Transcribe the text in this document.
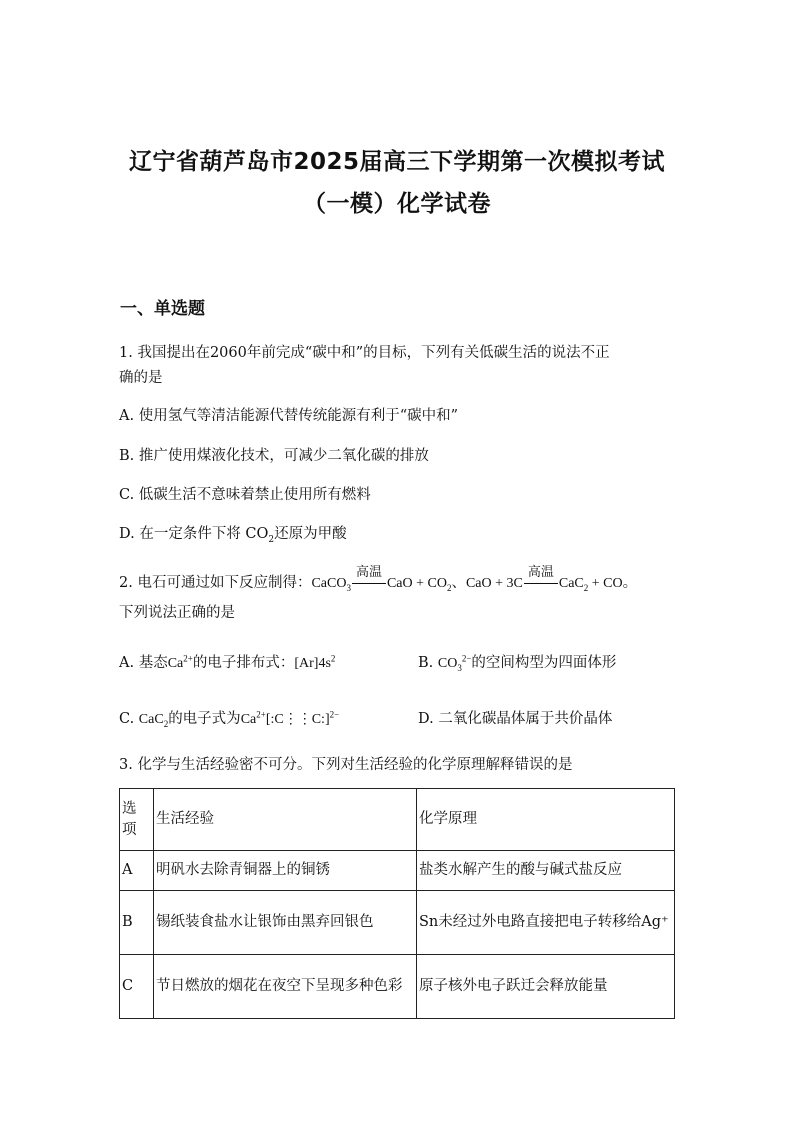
辽宁省葫芦岛市2025届高三下学期第一次模拟考试
（一模）化学试卷
一、单选题
1. 我国提出在2060年前完成“碳中和”的目标，下列有关低碳生活的说法不正
确的是
A. 使用氢气等清洁能源代替传统能源有利于“碳中和”
B. 推广使用煤液化技术，可减少二氧化碳的排放
C. 低碳生活不意味着禁止使用所有燃料
D. 在一定条件下将 $CO_2$还原为甲酸
2. 电石可通过如下反应制得：CaCO$_3$
高温
CaO + $CO_2$、CaO + 3C
高温
CaC$_2$ + CO。
下列说法正确的是
A. 基态$Ca^{2+}$的电子排布式：$[Ar]4s^2$	B. $CO_3^{2-}$的空间构型为四面体形
C. CaC$_2$的电子式为$Ca^{2+}[:C⋮⋮C:]^{2-}$	D. 二氧化碳晶体属于共价晶体
3. 化学与生活经验密不可分。下列对生活经验的化学原理解释错误的是
选
项	生活经验	化学原理
A	明矾水去除青铜器上的铜锈	盐类水解产生的酸与碱式盐反应
B	锡纸装食盐水让银饰由黑弃回银色	Sn未经过外电路直接把电子转移给Ag⁺
C	节日燃放的烟花在夜空下呈现多种色彩	原子核外电子跃迁会释放能量
